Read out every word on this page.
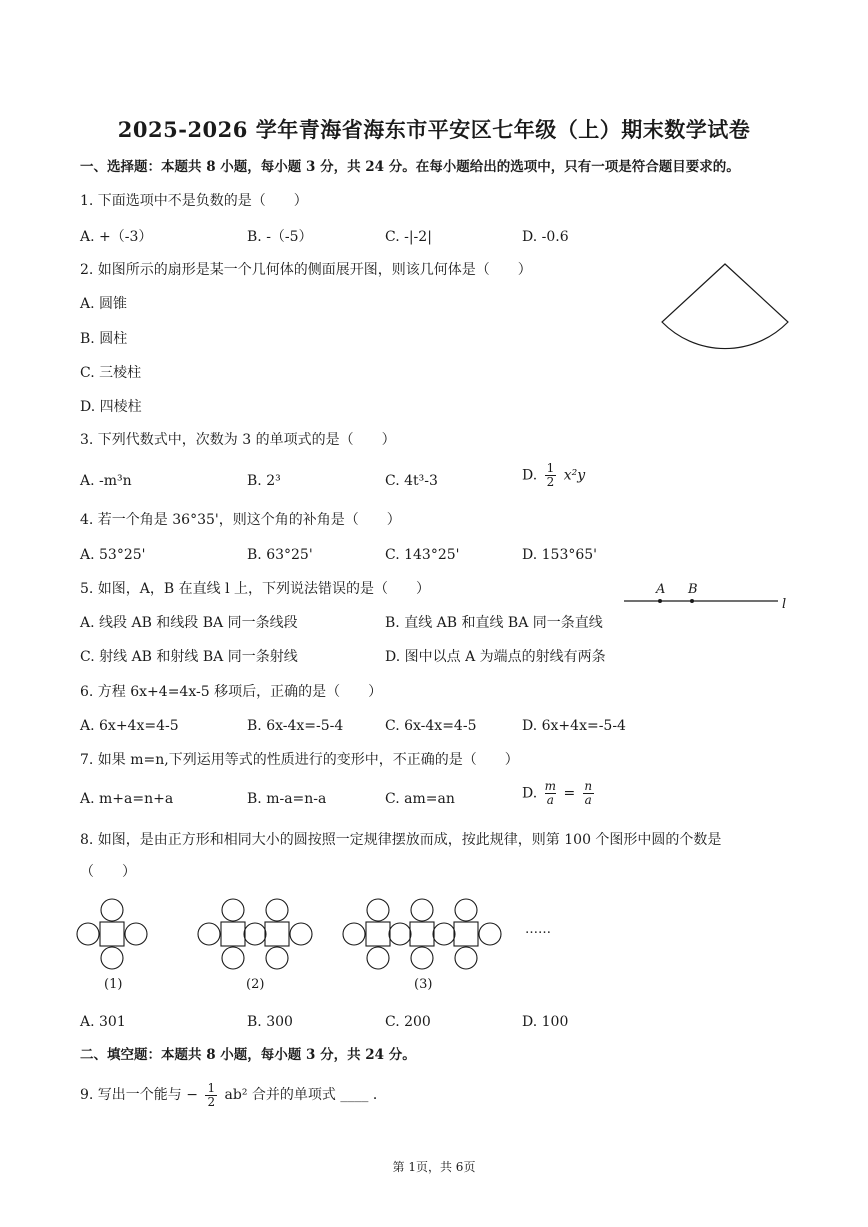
2025-2026 学年青海省海东市平安区七年级（上）期末数学试卷
一、选择题：本题共 8 小题，每小题 3 分，共 24 分。在每小题给出的选项中，只有一项是符合题目要求的。
1. 下面选项中不是负数的是（　　）
A. +（-3）	B. -（-5）	C. -|-2|	D. -0.6
2. 如图所示的扇形是某一个几何体的侧面展开图，则该几何体是（　　）
A. 圆锥
B. 圆柱
C. 三棱柱
D. 四棱柱
3. 下列代数式中，次数为 3 的单项式的是（　　）
A. -m³n	B. 2³	C. 4t³-3	D. $\frac{1}{2} x^2y$
4. 若一个角是 36°35'，则这个角的补角是（　　）
A. 53°25'	B. 63°25'	C. 143°25'	D. 153°65'
5. 如图，A，B 在直线 l 上，下列说法错误的是（　　）
A. 线段 AB 和线段 BA 同一条线段	B. 直线 AB 和直线 BA 同一条直线
C. 射线 AB 和射线 BA 同一条射线	D. 图中以点 A 为端点的射线有两条
A B
l
6. 方程 6x+4=4x-5 移项后，正确的是（　　）
A. 6x+4x=4-5	B. 6x-4x=-5-4	C. 6x-4x=4-5	D. 6x+4x=-5-4
7. 如果 m=n,下列运用等式的性质进行的变形中，不正确的是（　　）
A. m+a=n+a	B. m-a=n-a	C. am=an	D. $\frac{m}{a} = \frac{n}{a}$
8. 如图，是由正方形和相同大小的圆按照一定规律摆放而成，按此规律，则第 100 个图形中圆的个数是
（　　）
……
(1)	(2)	(3)
A. 301	B. 300	C. 200	D. 100
二、填空题：本题共 8 小题，每小题 3 分，共 24 分。
9. 写出一个能与 − $\frac{1}{2} ab^2$ 合并的单项式 ____ ．
第 1页，共 6页
